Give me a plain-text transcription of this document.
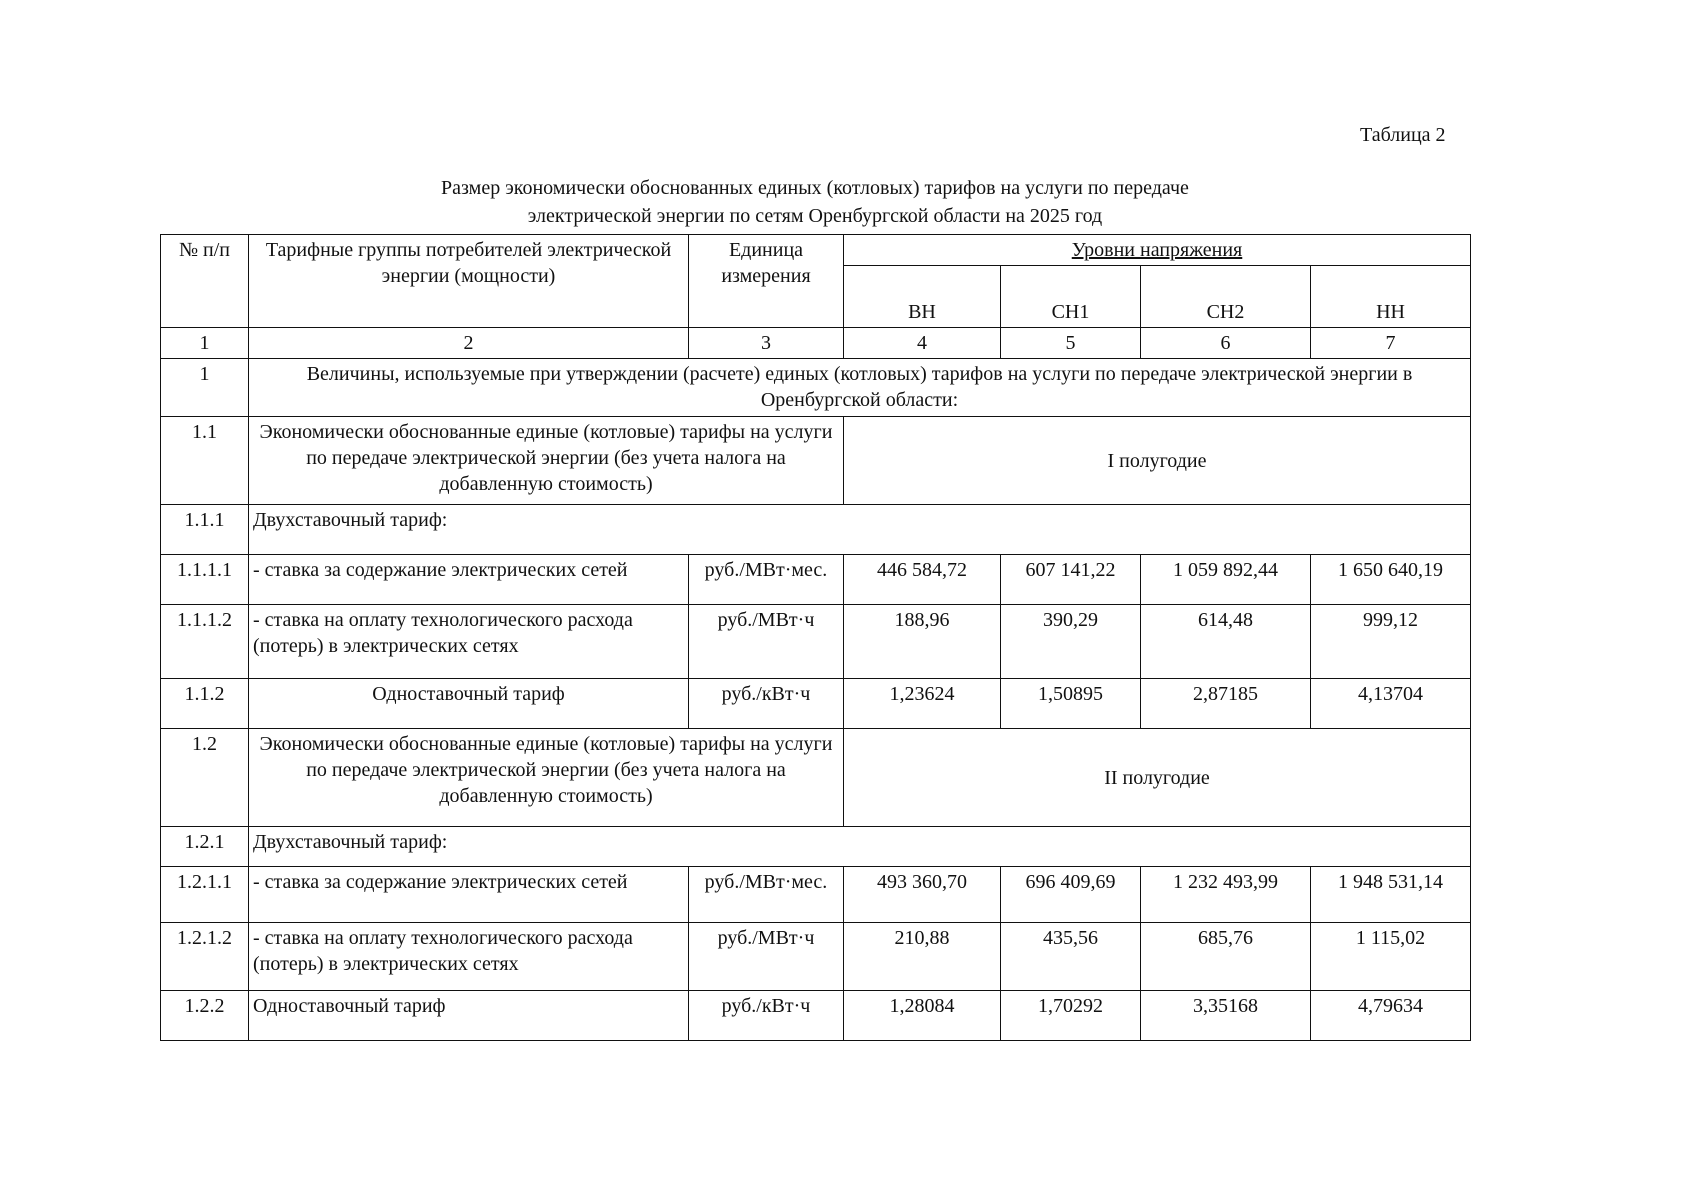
Таблица 2
Размер экономически обоснованных единых (котловых) тарифов на услуги по передаче
электрической энергии по сетям Оренбургской области на 2025 год
№ п/п	Тарифные группы потребителей электрической энергии (мощности)	Единица измерения	Уровни напряжения			
			ВН	СН1	СН2	НН
1	2	3	4	5	6	7
1	Величины, используемые при утверждении (расчете) единых (котловых) тарифов на услуги по передаче электрической энергии в Оренбургской области:					
1.1	Экономически обоснованные единые (котловые) тарифы на услуги по передаче электрической энергии (без учета налога на добавленную стоимость)		I полугодие			
1.1.1	Двухставочный тариф:					
1.1.1.1	- ставка за содержание электрических сетей	руб./МВт·мес.	446 584,72	607 141,22	1 059 892,44	1 650 640,19
1.1.1.2	- ставка на оплату технологического расхода (потерь) в электрических сетях	руб./МВт·ч	188,96	390,29	614,48	999,12
1.1.2	Одноставочный тариф	руб./кВт·ч	1,23624	1,50895	2,87185	4,13704
1.2	Экономически обоснованные единые (котловые) тарифы на услуги по передаче электрической энергии (без учета налога на добавленную стоимость)		II полугодие			
1.2.1	Двухставочный тариф:					
1.2.1.1	- ставка за содержание электрических сетей	руб./МВт·мес.	493 360,70	696 409,69	1 232 493,99	1 948 531,14
1.2.1.2	- ставка на оплату технологического расхода (потерь) в электрических сетях	руб./МВт·ч	210,88	435,56	685,76	1 115,02
1.2.2	Одноставочный тариф	руб./кВт·ч	1,28084	1,70292	3,35168	4,79634
